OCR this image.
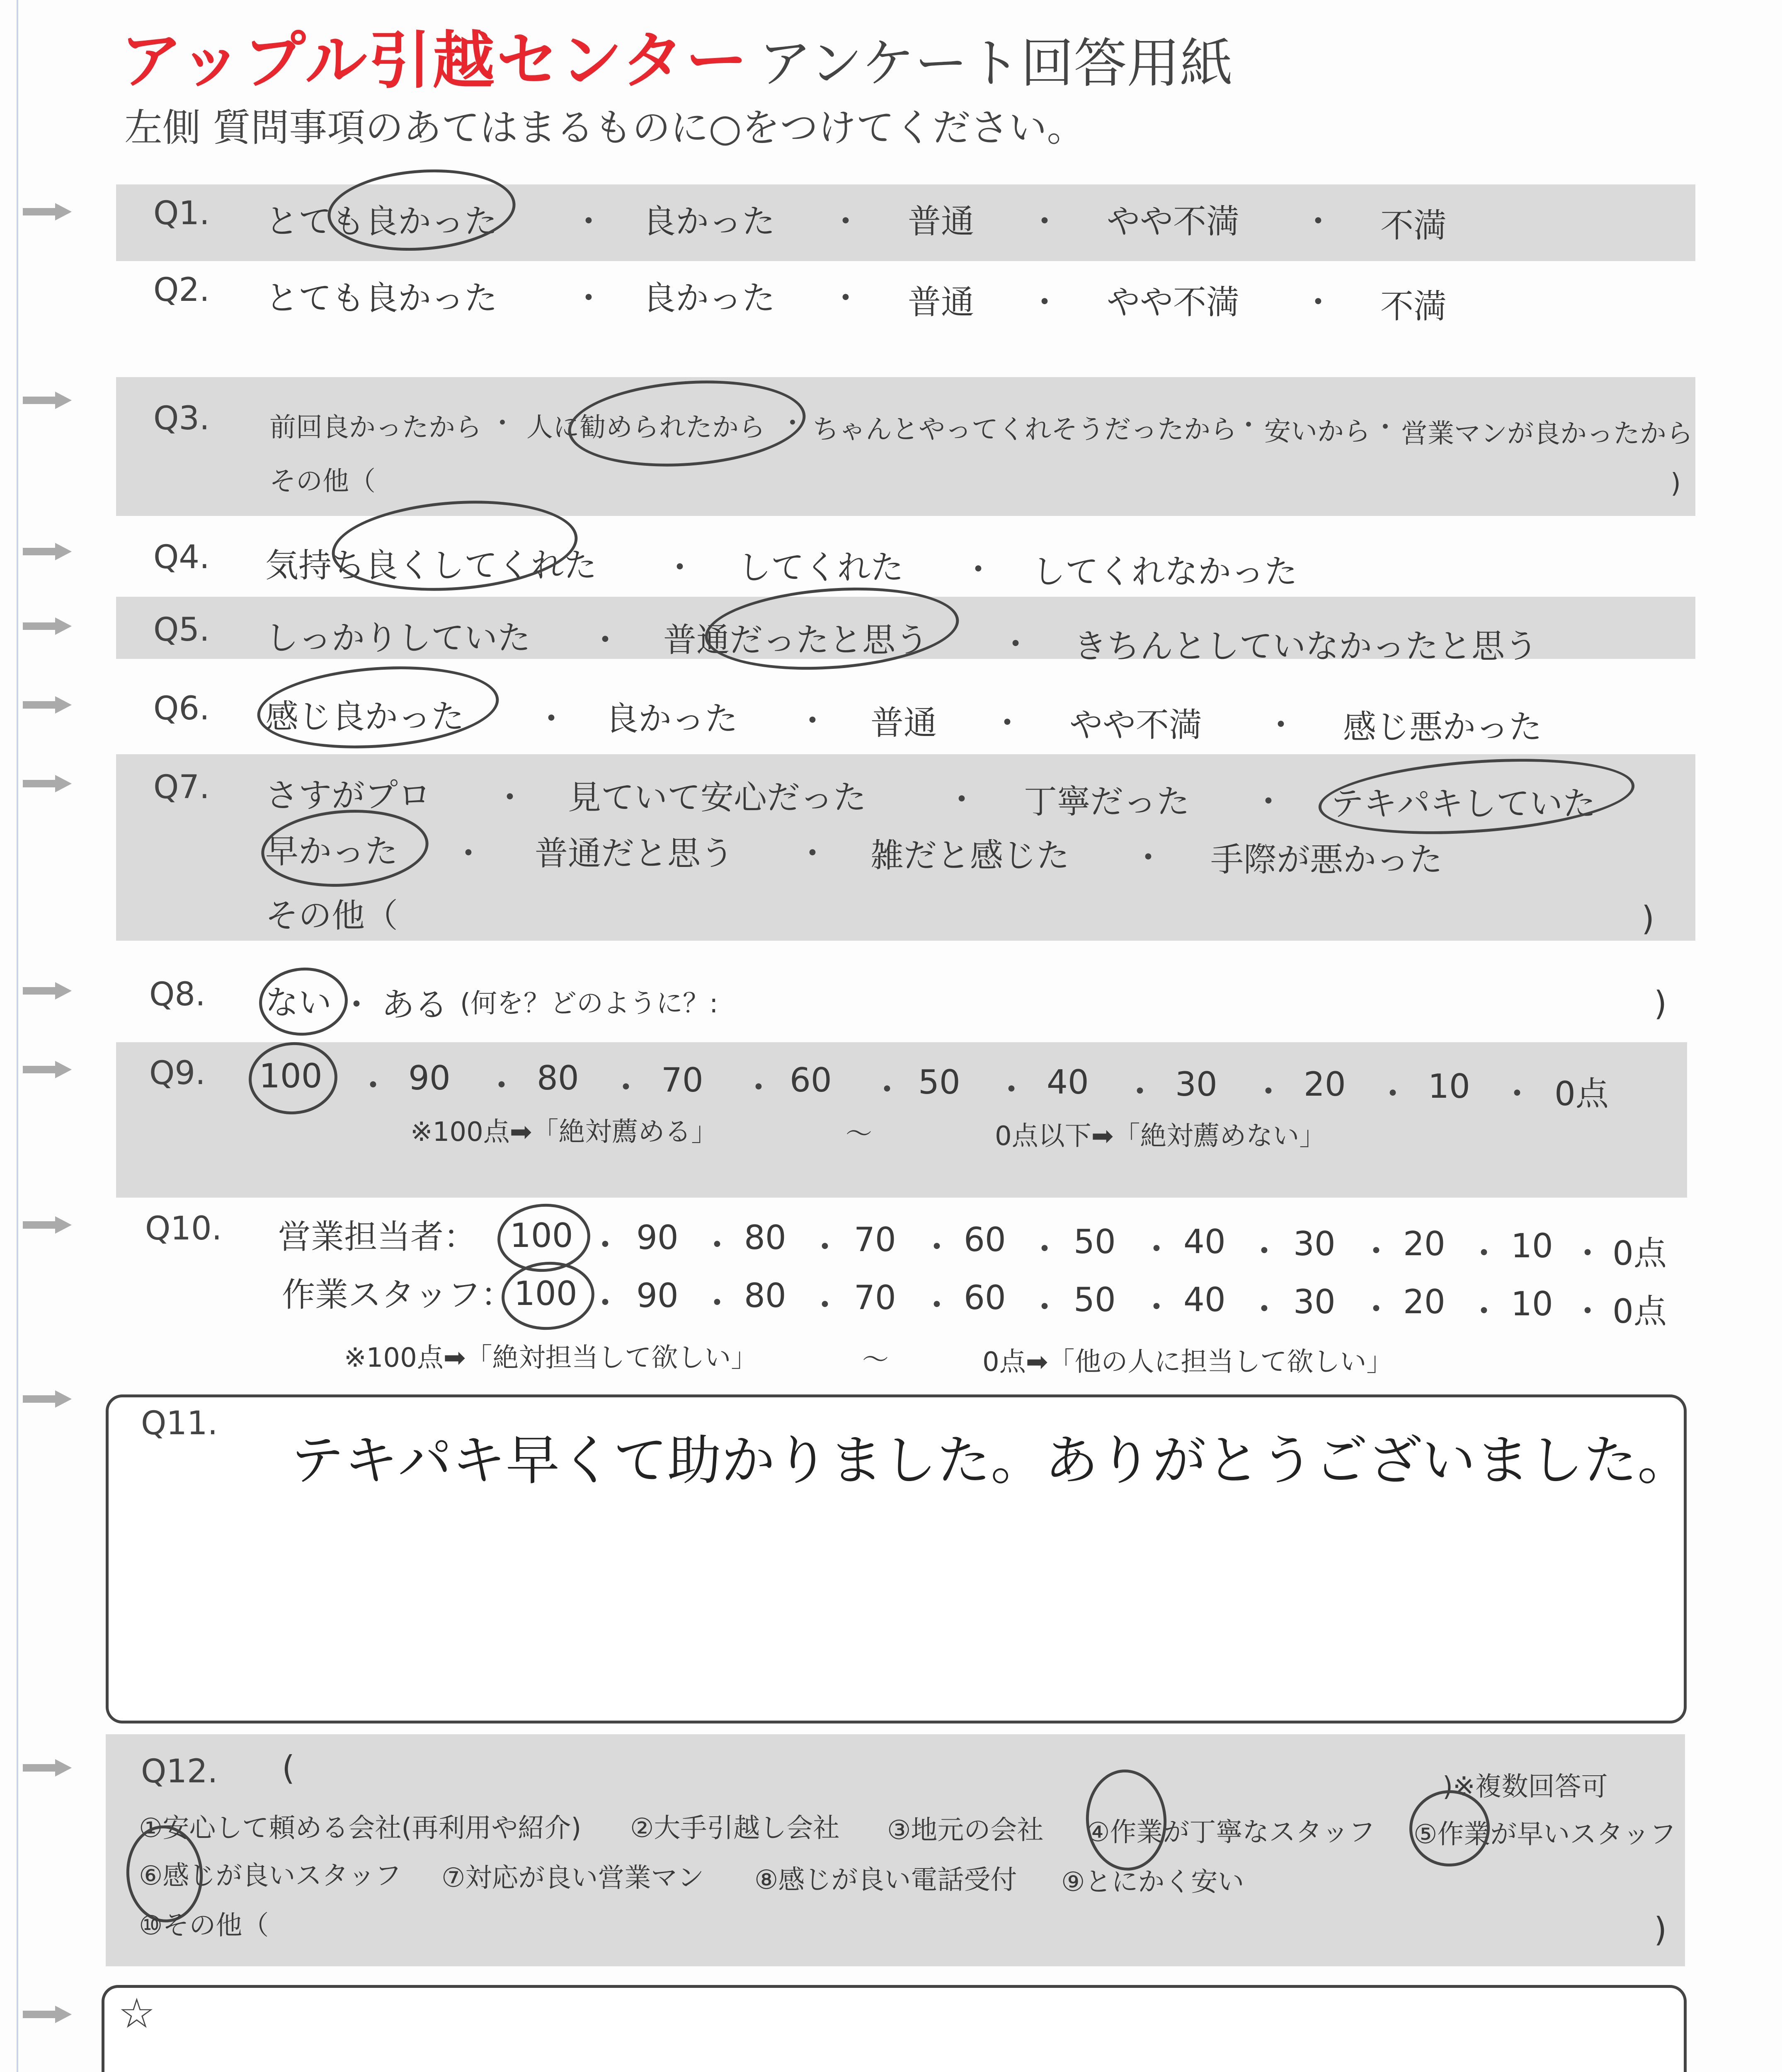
アップル引越センター アンケート回答用紙
左側 質問事項のあてはまるものに○をつけてください。
Q1. とても良かった ・ 良かった ・ 普通 ・ やや不満 ・ 不満
Q2. とても良かった ・ 良かった ・ 普通 ・ やや不満 ・ 不満
Q3. 前回良かったから ・ 人に勧められたから ・ ちゃんとやってくれそうだったから
・ 安いから ・ 営業マンが良かったから
その他（	)
Q4. 気持ち良くしてくれた ・ してくれた ・ してくれなかった
Q5. しっかりしていた ・ 普通だったと思う ・ きちんとしていなかったと思う
Q6. 感じ良かった ・ 良かった ・ 普通 ・ やや不満 ・ 感じ悪かった
Q7. さすがプロ ・ 見ていて安心だった ・ 丁寧だった ・ テキパキしていた
早かった ・ 普通だと思う ・ 雑だと感じた ・ 手際が悪かった
その他（	)
Q8. ない ・ ある (何を？どのように？:	)
Q9. 100 ・ 90 ・ 80 ・ 70 ・ 60 ・ 50 ・ 40 ・ 30 ・ 20 ・ 10 ・ 0点
※100点➡「絶対薦める」	〜	0点以下➡「絶対薦めない」
Q10. 営業担当者： 100 ・ 90 ・ 80 ・ 70 ・ 60 ・ 50 ・ 40 ・ 30 ・ 20 ・ 10 ・ 0点
作業スタッフ： 100 ・ 90 ・ 80 ・ 70 ・ 60 ・ 50 ・ 40 ・ 30 ・ 20 ・ 10 ・ 0点
※100点➡「絶対担当して欲しい」	〜	0点➡「他の人に担当して欲しい」
Q11.
テキパキ早くて助かりました。ありがとうございました。
Q12. (	)※複数回答可
①安心して頼める会社(再利用や紹介) ②大手引越し会社 ③地元の会社 ④作業が丁寧なスタッフ ⑤作業が早いスタッフ
⑥感じが良いスタッフ ⑦対応が良い営業マン ⑧感じが良い電話受付 ⑨とにかく安い
⑩その他（	)
☆
